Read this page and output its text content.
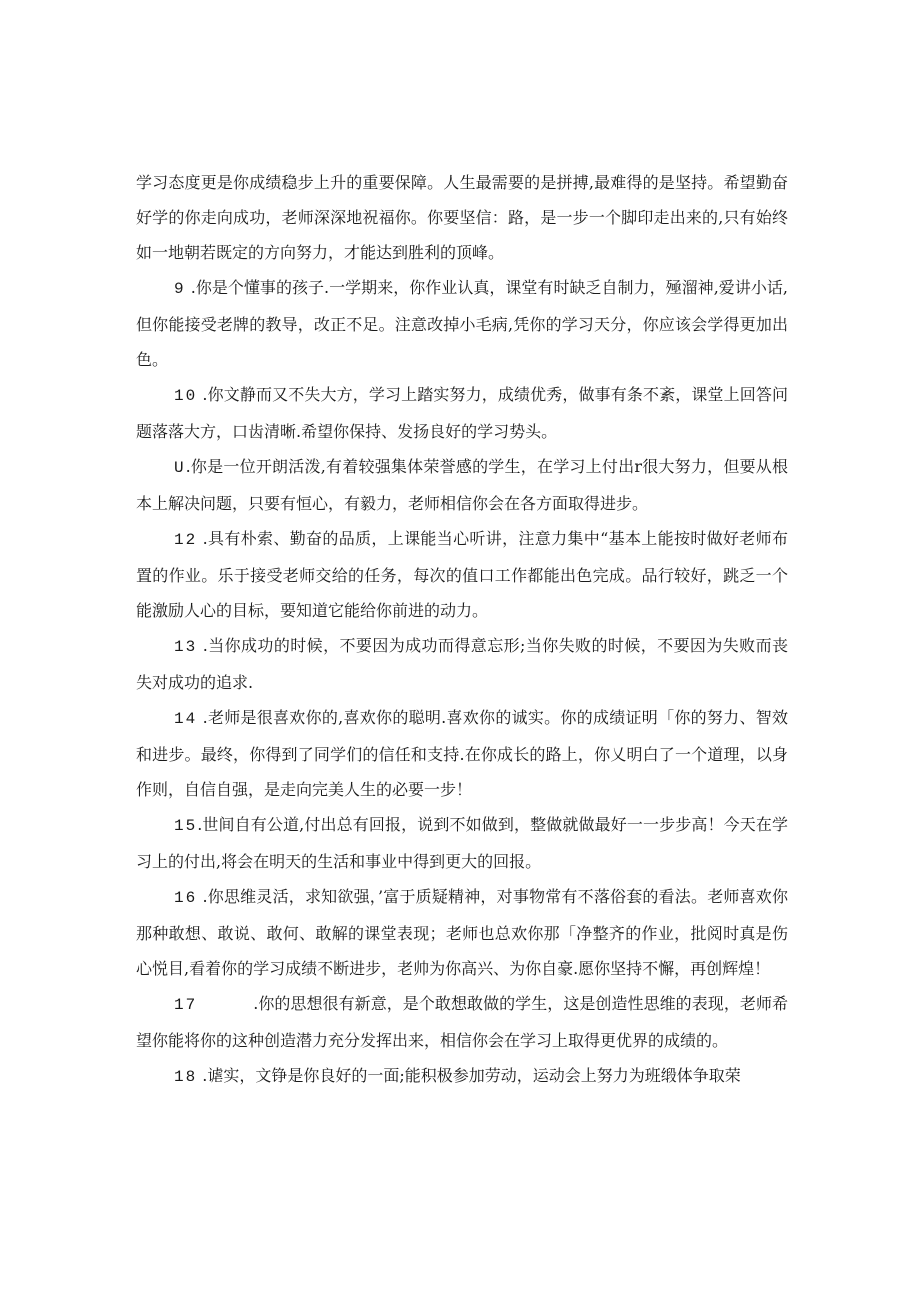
学习态度更是你成绩稳步上升的重要保障。人生最需要的是拼搏,最难得的是坚持。希望勤奋好学的你走向成功，老师深深地祝福你。你要坚信：路，是一步一个脚印走出来的,只有始终如一地朝若既定的方向努力，才能达到胜利的顶峰。

9 .你是个懂事的孩子.一学期来，你作业认真，课堂有时缺乏自制力，殛溜神,爱讲小话,但你能接受老牌的教导，改正不足。注意改掉小毛病,凭你的学习天分，你应该会学得更加出色。

10 .你文静而又不失大方，学习上踏实努力，成绩优秀，做事有条不紊，课堂上回答问题落落大方，口齿清晰.希望你保持、发扬良好的学习势头。

U.你是一位开朗活泼,有着较强集体荣誉感的学生，在学习上付出r很大努力，但要从根本上解决问题，只要有恒心，有毅力，老师相信你会在各方面取得进步。

12 .具有朴索、勤奋的品质，上课能当心听讲，注意力集中“基本上能按时做好老师布置的作业。乐于接受老师交给的任务，每次的值口工作都能出色完成。品行较好，跳乏一个能激励人心的目标，要知道它能给你前进的动力。

13 .当你成功的时候，不要因为成功而得意忘形;当你失败的时候，不要因为失败而丧失对成功的追求.

14 .老师是很喜欢你的,喜欢你的聪明.喜欢你的诚实。你的成绩证明「你的努力、智效和进步。最终，你得到了同学们的信任和支持.在你成长的路上，你乂明白了一个道理，以身作则，自信自强，是走向完美人生的必要一步！

15.世间自有公道,付出总有回报，说到不如做到，整做就做最好一一步步高！今天在学习上的付出,将会在明天的生活和事业中得到更大的回报。

16 .你思维灵活，求知欲强，’富于质疑精神，对事物常有不落俗套的看法。老师喜欢你那种敢想、敢说、敢何、敢解的课堂表现；老师也总欢你那「净整齐的作业，批阅时真是伤心悦目,看着你的学习成绩不断进步，老帅为你高兴、为你自豪.愿你坚持不懈，再创辉煌！

17	.你的思想很有新意，是个敢想敢做的学生，这是创造性思维的表现，老师希望你能将你的这种创造潜力充分发挥出来，相信你会在学习上取得更优界的成绩的。

18 .谑实，文铮是你良好的一面;能积极参加劳动，运动会上努力为班缎体争取荣
